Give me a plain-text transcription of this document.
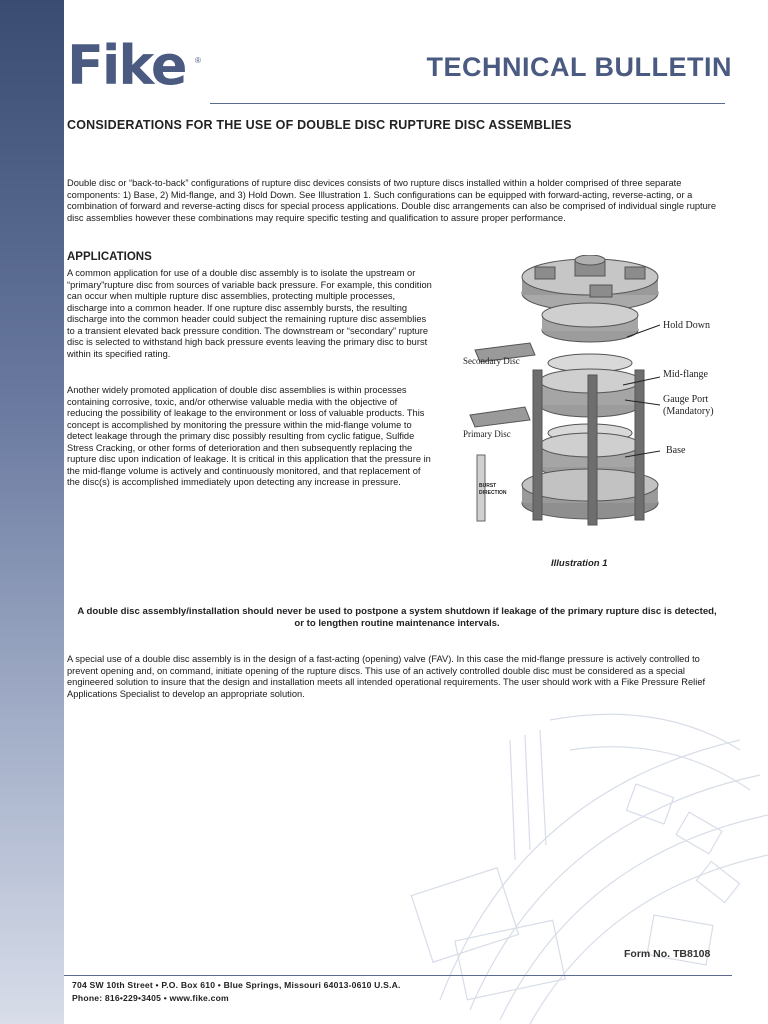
Fike	®	TECHNICAL BULLETIN
CONSIDERATIONS FOR THE USE OF DOUBLE DISC RUPTURE DISC ASSEMBLIES
Double disc or “back-to-back” configurations of rupture disc devices consists of two rupture discs installed within a holder comprised of three separate components: 1) Base, 2) Mid-flange, and 3) Hold Down. See Illustration 1. Such configurations can be equipped with forward-acting, reverse-acting, or a combination of forward and reverse-acting discs for special process applications. Double disc arrangements can also be comprised of individual single rupture disc assemblies however these combinations may require specific testing and qualification to assure proper performance.
APPLICATIONS
A common application for use of a double disc assembly is to isolate the upstream or “primary”rupture disc from sources of variable back pressure. For example, this condition can occur when multiple rupture disc assemblies, protecting multiple processes, discharge into a common header. If one rupture disc assembly bursts, the resulting discharge into the common header could subject the remaining rupture disc assemblies to a transient elevated back pressure condition. The downstream or “secondary” rupture disc is selected to withstand high back pressure events leaving the primary disc to burst within its specified rating.
Another widely promoted application of double disc assemblies is within processes containing corrosive, toxic, and/or otherwise valuable media with the objective of reducing the possibility of leakage to the environment or loss of valuable products. This concept is accomplished by monitoring the pressure within the mid-flange volume to detect leakage through the primary disc possibly resulting from cyclic fatigue, Sulfide Stress Cracking, or other forms of deterioration and then subsequently replacing the rupture disc upon indication of leakage. It is critical in this application that the pressure in the mid-flange volume is actively and continuously monitored, and that replacement of the disc(s) is accomplished immediately upon detecting any increase in pressure.
Hold Down
Secondary Disc
Mid-flange
Gauge Port
(Mandatory)
Primary Disc
Base
BURST
DIRECTION
Illustration 1
A double disc assembly/installation should never be used to postpone a system shutdown if leakage of the primary rupture disc is detected,
or to lengthen routine maintenance intervals.
A special use of a double disc assembly is in the design of a fast-acting (opening) valve (FAV). In this case the mid-flange pressure is actively controlled to prevent opening and, on command, initiate opening of the rupture discs. This use of an actively controlled double disc must be considered as a special engineered solution to insure that the design and installation meets all intended operational requirements. The user should work with a Fike Pressure Relief Applications Specialist to develop an appropriate solution.
Form No. TB8108
704 SW 10th Street • P.O. Box 610 • Blue Springs, Missouri 64013-0610 U.S.A.
Phone: 816•229•3405 • www.fike.com
